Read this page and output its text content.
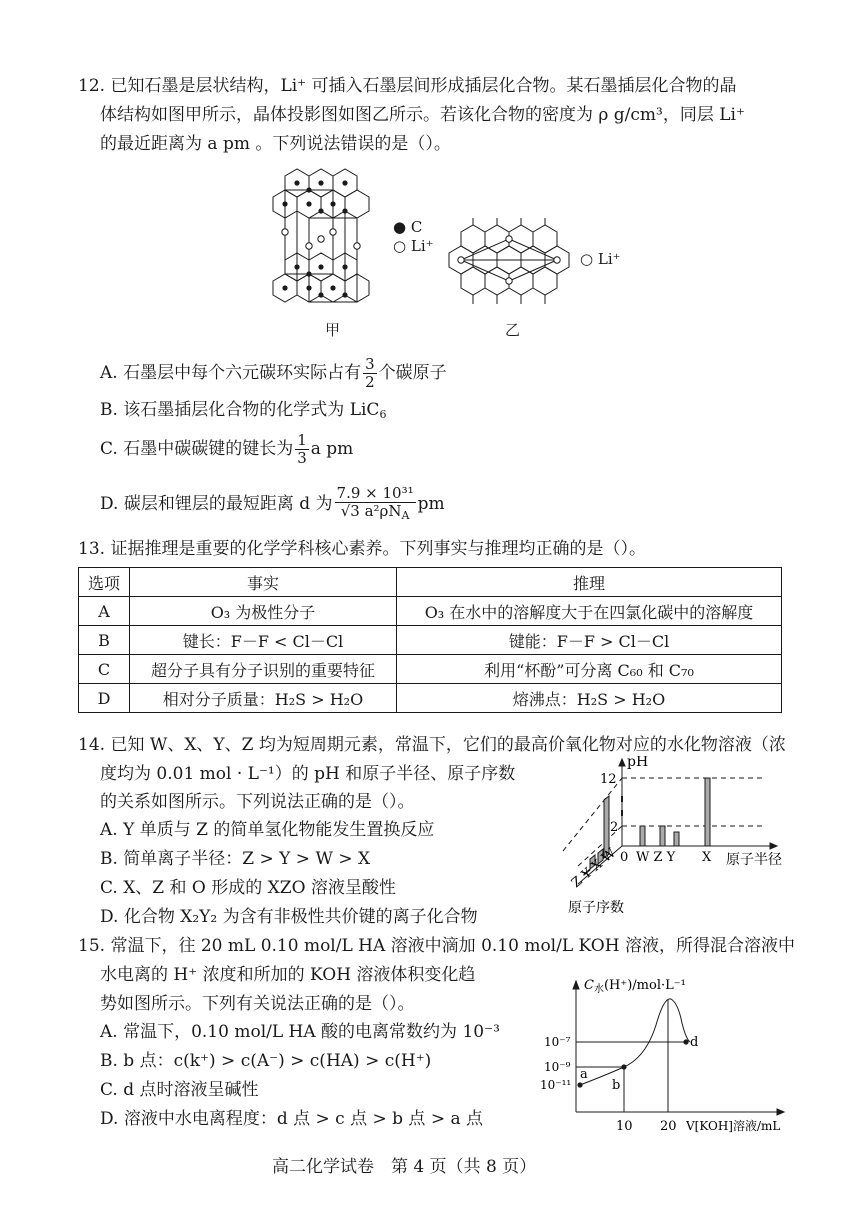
12. 已知石墨是层状结构，Li⁺ 可插入石墨层间形成插层化合物。某石墨插层化合物的晶
体结构如图甲所示，晶体投影图如图乙所示。若该化合物的密度为 ρ g/cm³，同层 Li⁺
的最近距离为 a pm 。下列说法错误的是（）。
● C
○ Li⁺
甲
○ Li⁺
乙
A. 石墨层中每个六元碳环实际占有 $\frac{3}{2}$ 个碳原子
B. 该石墨插层化合物的化学式为 LiC$_6$
C. 石墨中碳碳键的键长为 $\frac{1}{3}$ a pm
D. 碳层和锂层的最短距离 d 为 $\frac{\text{7.9 × 10³¹}}{√3 a^2\rho N_A}$ pm
13. 证据推理是重要的化学学科核心素养。下列事实与推理均正确的是（）。
选项	事实	推理
A	O₃ 为极性分子	O₃ 在水中的溶解度大于在四氯化碳中的溶解度
B	键长：F－F < Cl－Cl	键能：F－F > Cl－Cl
C	超分子具有分子识别的重要特征	利用“杯酚”可分离 C₆₀ 和 C₇₀
D	相对分子质量：H₂S > H₂O	熔沸点：H₂S > H₂O
14. 已知 W、X、Y、Z 均为短周期元素，常温下，它们的最高价氧化物对应的水化物溶液（浓
度均为 0.01 mol · L⁻¹）的 pH 和原子半径、原子序数
的关系如图所示。下列说法正确的是（）。
A. Y 单质与 Z 的简单氢化物能发生置换反应
B. 简单离子半径：Z > Y > W > X
C. X、Z 和 O 形成的 XZO 溶液呈酸性
D. 化合物 X₂Y₂ 为含有非极性共价键的离子化合物
pH
12
2
0 W Z Y X 原子半径
Z Y X W
原子序数
15. 常温下，往 20 mL 0.10 mol/L HA 溶液中滴加 0.10 mol/L KOH 溶液，所得混合溶液中
水电离的 H⁺ 浓度和所加的 KOH 溶液体积变化趋
势如图所示。下列有关说法正确的是（）。
A. 常温下，0.10 mol/L HA 酸的电离常数约为 10⁻³
B. b 点：c(k⁺) > c(A⁻) > c(HA) > c(H⁺)
C. d 点时溶液呈碱性
D. 溶液中水电离程度：d 点 > c 点 > b 点 > a 点
$C_水(H^+)/mol\cdot L^{-1}$
10⁻⁷
10⁻⁹
10⁻¹¹
a
b
d
10 20 V[KOH]溶液/mL
高二化学试卷　第 4 页（共 8 页）
